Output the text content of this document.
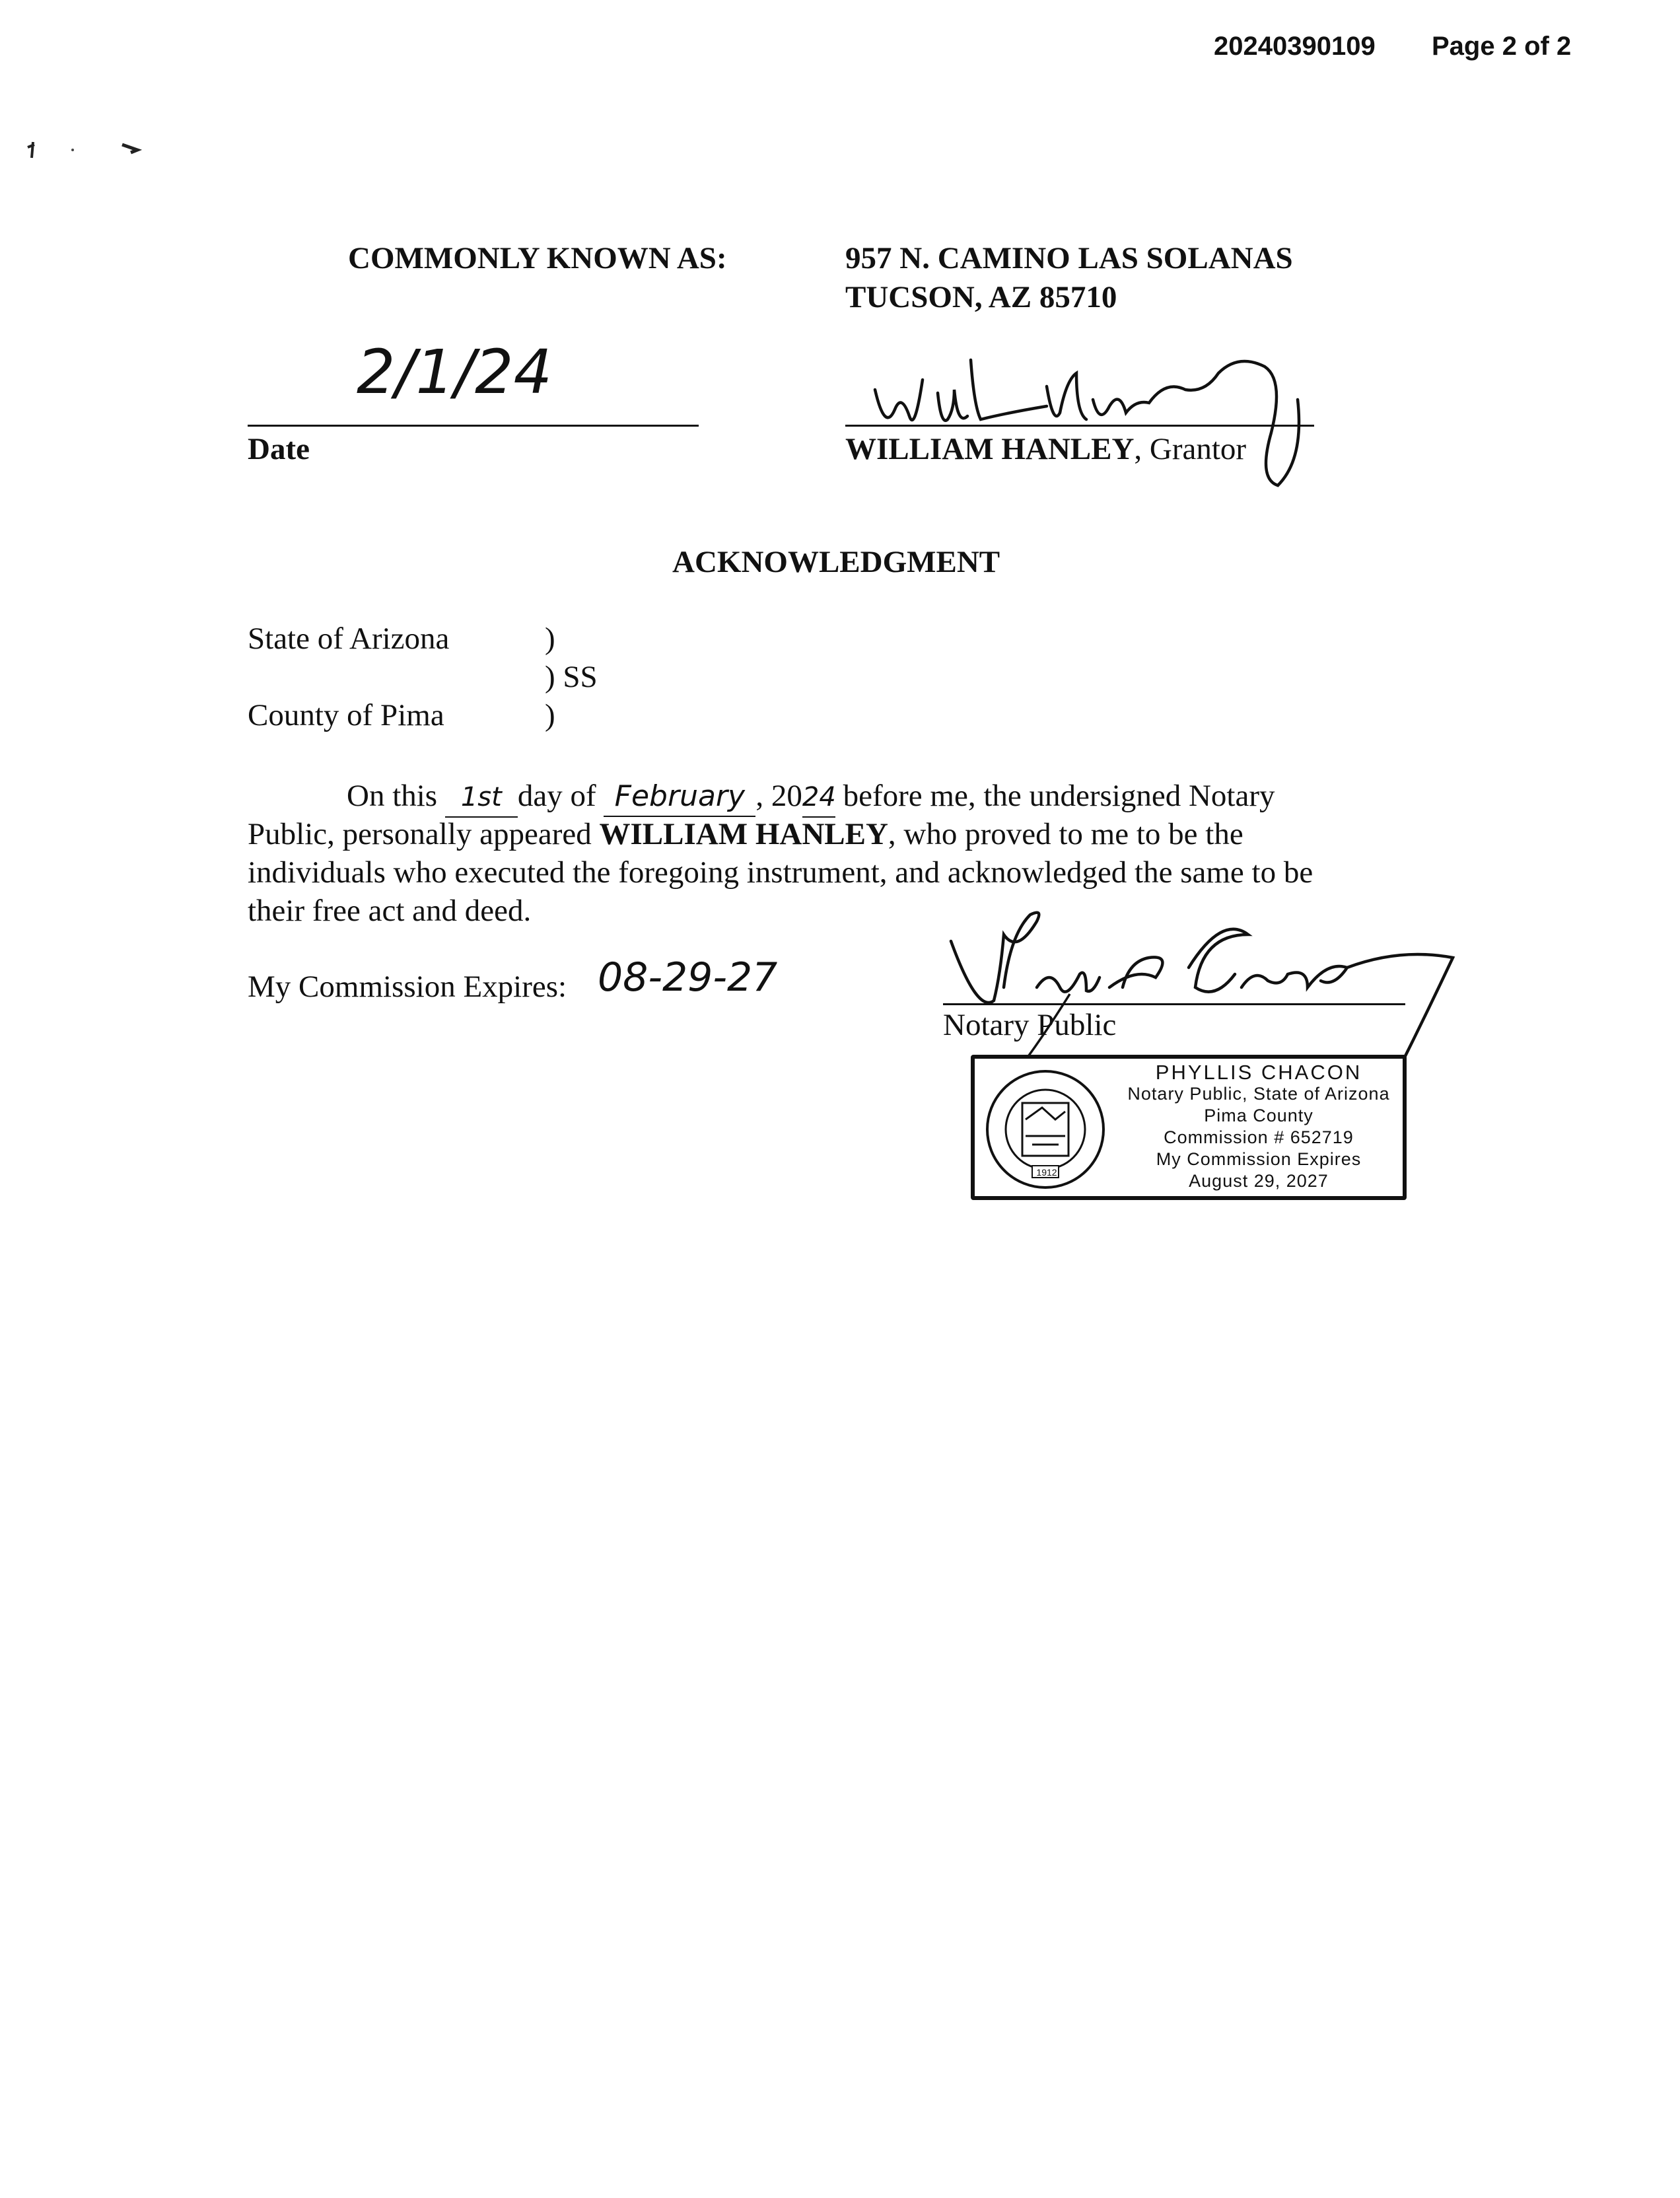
20240390109 Page 2 of 2
COMMONLY KNOWN AS:	957 N. CAMINO LAS SOLANAS
TUCSON, AZ 85710
2/1/24
Date	WILLIAM HANLEY, Grantor
ACKNOWLEDGMENT
State of Arizona	)
) SS
County of Pima	)
On this 1st day of February , 2024 before me, the undersigned Notary
Public, personally appeared WILLIAM HANLEY, who proved to me to be the
individuals who executed the foregoing instrument, and acknowledged the same to be
their free act and deed.
My Commission Expires: 08-29-27
Notary Public
1912
PHYLLIS CHACON
Notary Public, State of Arizona
Pima County
Commission # 652719
My Commission Expires
August 29, 2027
